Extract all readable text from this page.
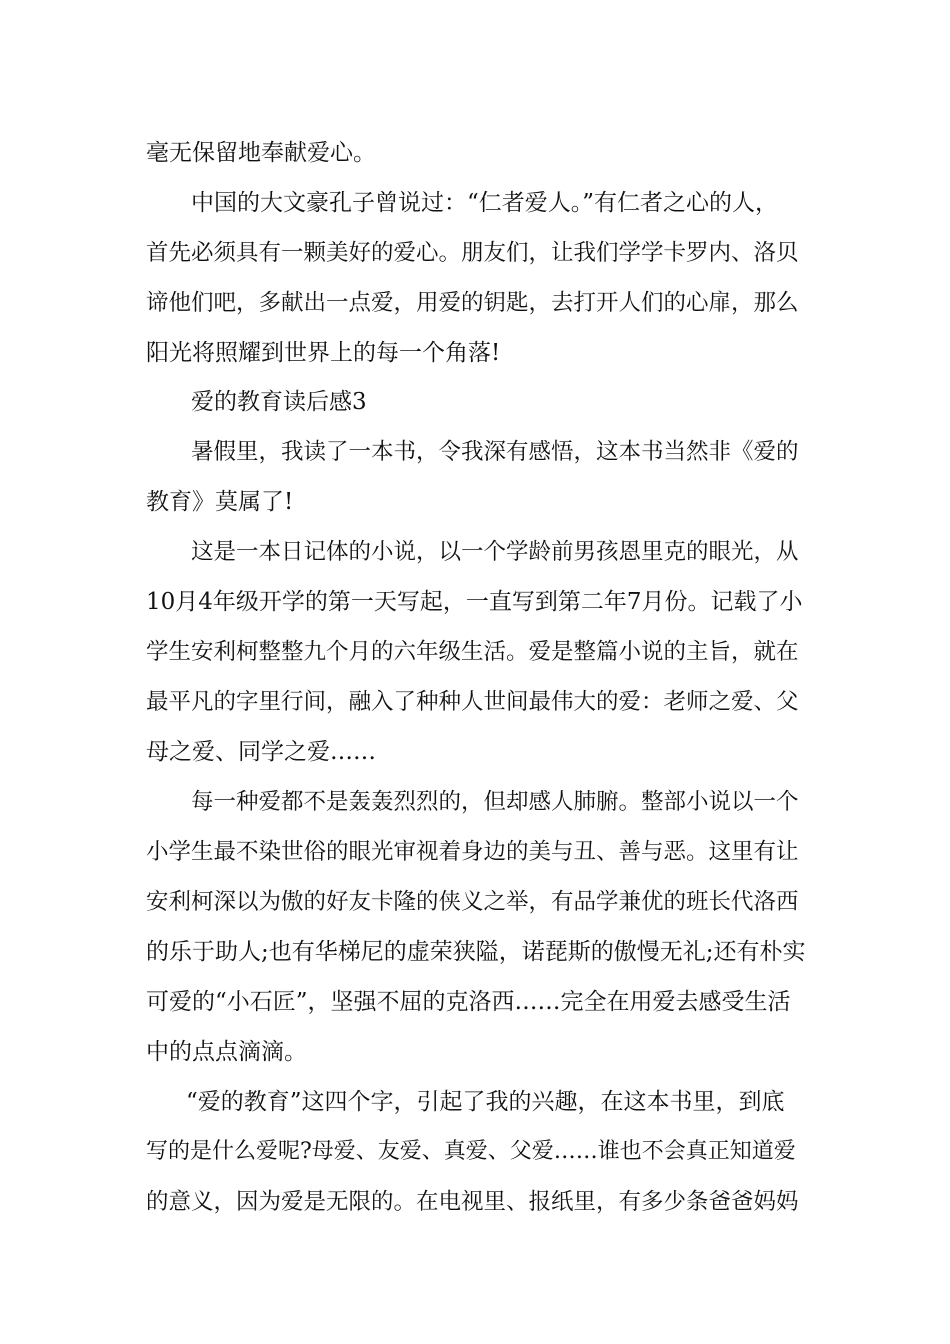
毫无保留地奉献爱心。
中国的大文豪孔子曾说过：“仁者爱人。”有仁者之心的人，
首先必须具有一颗美好的爱心。朋友们，让我们学学卡罗内、洛贝
谛他们吧，多献出一点爱，用爱的钥匙，去打开人们的心扉，那么
阳光将照耀到世界上的每一个角落!
爱的教育读后感3
暑假里，我读了一本书，令我深有感悟，这本书当然非《爱的
教育》莫属了!
这是一本日记体的小说，以一个学龄前男孩恩里克的眼光，从
10月4年级开学的第一天写起，一直写到第二年7月份。记载了小
学生安利柯整整九个月的六年级生活。爱是整篇小说的主旨，就在
最平凡的字里行间，融入了种种人世间最伟大的爱：老师之爱、父
母之爱、同学之爱……
每一种爱都不是轰轰烈烈的，但却感人肺腑。整部小说以一个
小学生最不染世俗的眼光审视着身边的美与丑、善与恶。这里有让
安利柯深以为傲的好友卡隆的侠义之举，有品学兼优的班长代洛西
的乐于助人;也有华梯尼的虚荣狭隘，诺琵斯的傲慢无礼;还有朴实
可爱的“小石匠”，坚强不屈的克洛西……完全在用爱去感受生活
中的点点滴滴。
“爱的教育”这四个字，引起了我的兴趣，在这本书里，到底
写的是什么爱呢?母爱、友爱、真爱、父爱……谁也不会真正知道爱
的意义，因为爱是无限的。在电视里、报纸里，有多少条爸爸妈妈
